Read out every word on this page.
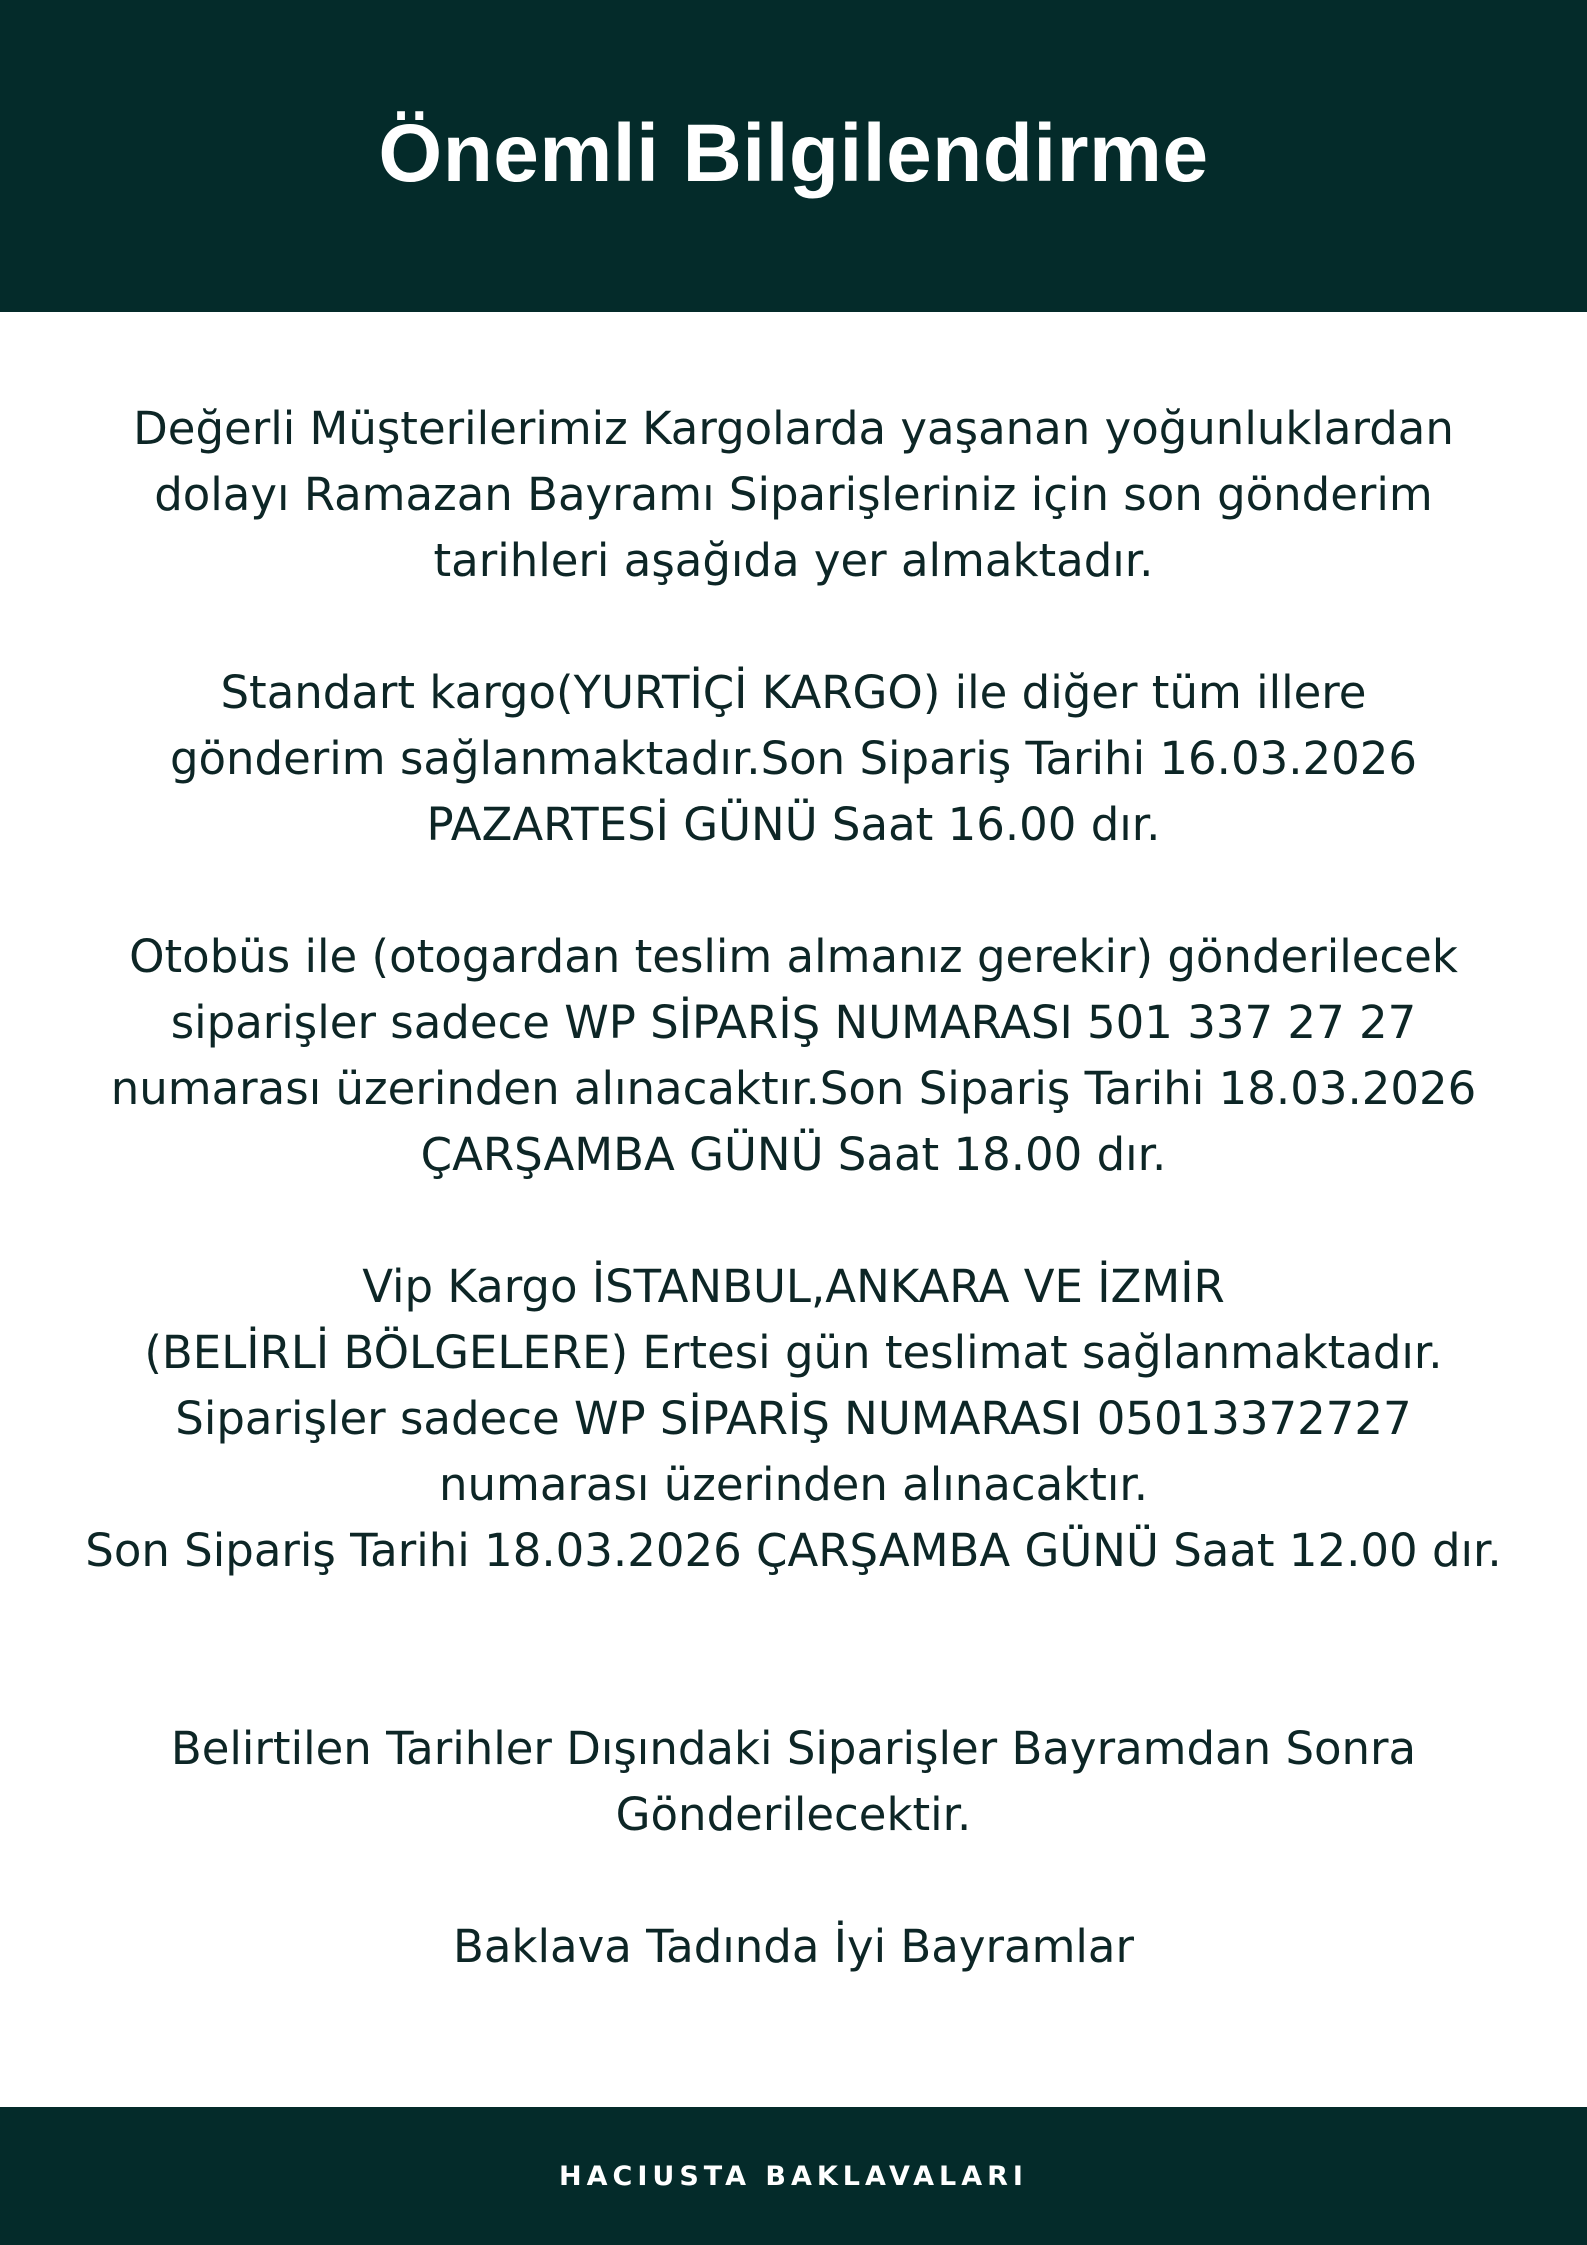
Önemli Bilgilendirme

Değerli Müşterilerimiz Kargolarda yaşanan yoğunluklardan

dolayı Ramazan Bayramı Siparişleriniz için son gönderim

tarihleri aşağıda yer almaktadır.

Standart kargo(YURTİÇİ KARGO) ile diğer tüm illere

gönderim sağlanmaktadır.Son Sipariş Tarihi 16.03.2026

PAZARTESİ GÜNÜ Saat 16.00 dır.

Otobüs ile (otogardan teslim almanız gerekir) gönderilecek

siparişler sadece WP SİPARİŞ NUMARASI 501 337 27 27

numarası üzerinden alınacaktır.Son Sipariş Tarihi 18.03.2026

ÇARŞAMBA GÜNÜ Saat 18.00 dır.

Vip Kargo İSTANBUL,ANKARA VE İZMİR

(BELİRLİ BÖLGELERE) Ertesi gün teslimat sağlanmaktadır.

Siparişler sadece WP SİPARİŞ NUMARASI 05013372727

numarası üzerinden alınacaktır.

Son Sipariş Tarihi 18.03.2026 ÇARŞAMBA GÜNÜ Saat 12.00 dır.

Belirtilen Tarihler Dışındaki Siparişler Bayramdan Sonra

Gönderilecektir.

Baklava Tadında İyi Bayramlar

HACIUSTA BAKLAVALARI
